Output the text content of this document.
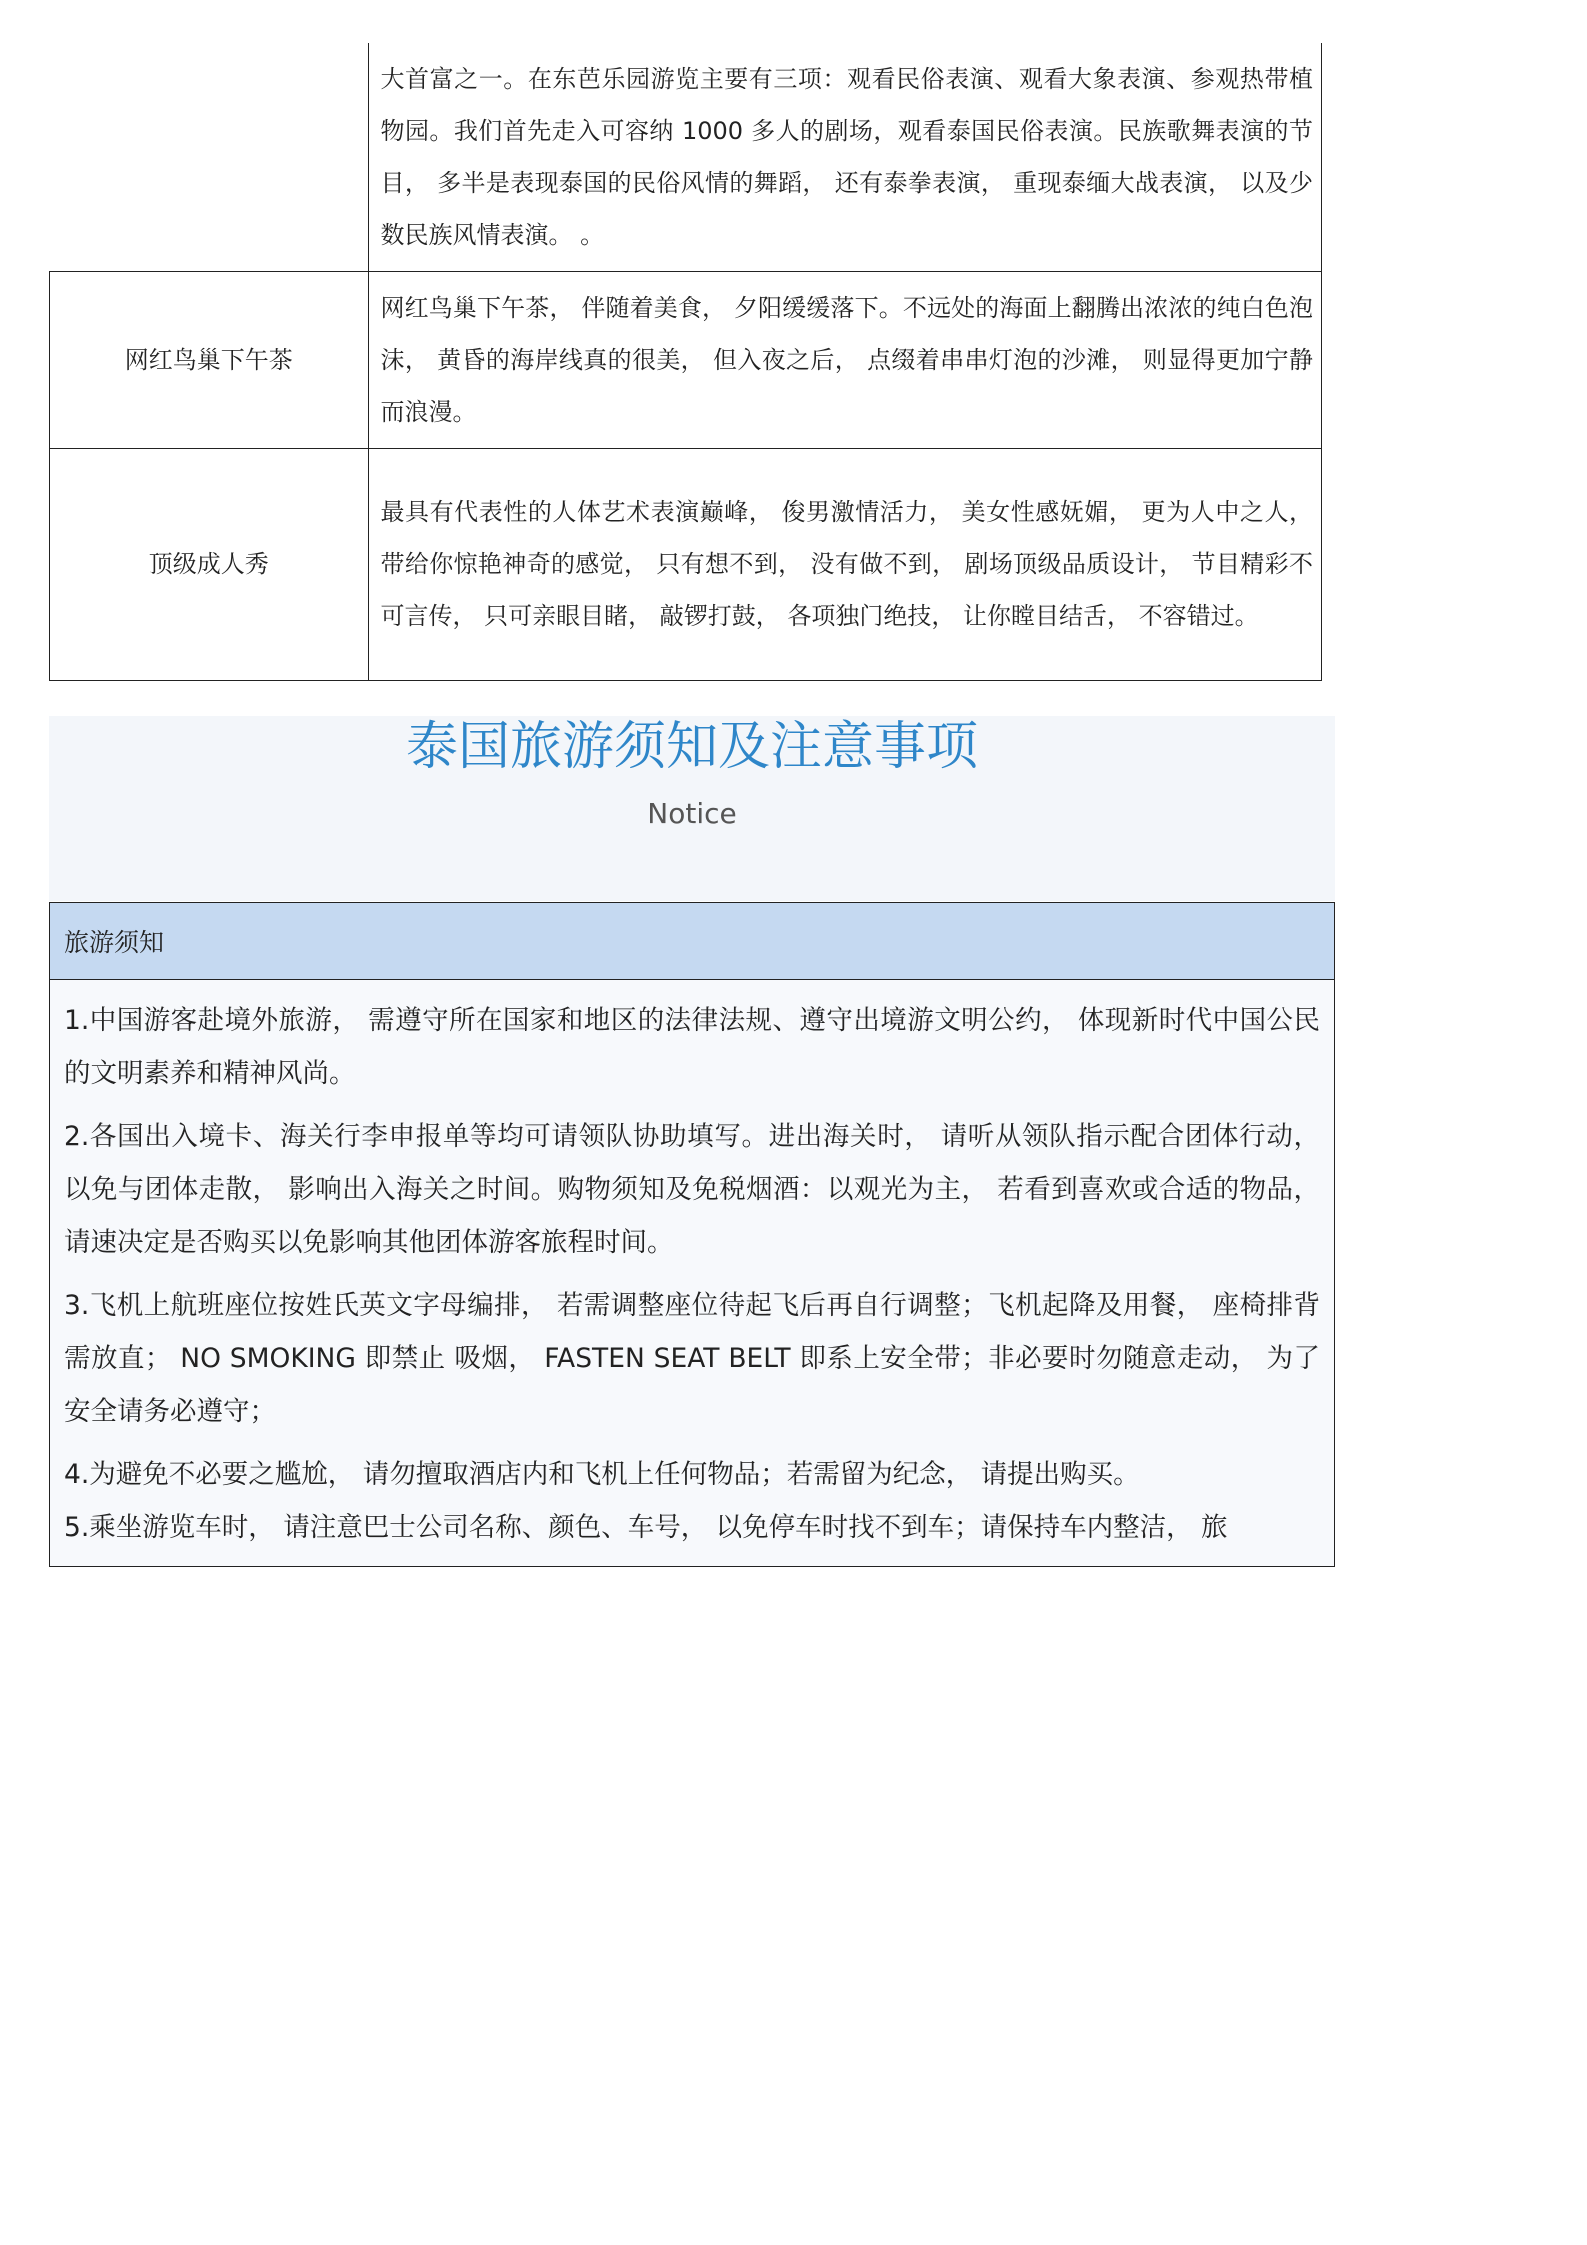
	大首富之一。在东芭乐园游览主要有三项：观看民俗表演、观看大象表演、参观热带植物园。我们首先走入可容纳 1000 多人的剧场，观看泰国民俗表演。民族歌舞表演的节目， 多半是表现泰国的民俗风情的舞蹈， 还有泰拳表演， 重现泰缅大战表演， 以及少数民族风情表演。 。
网红鸟巢下午茶	网红鸟巢下午茶， 伴随着美食， 夕阳缓缓落下。不远处的海面上翻腾出浓浓的纯白色泡沫， 黄昏的海岸线真的很美， 但入夜之后， 点缀着串串灯泡的沙滩， 则显得更加宁静而浪漫。
顶级成人秀	最具有代表性的人体艺术表演巅峰， 俊男激情活力， 美女性感妩媚， 更为人中之人， 带给你惊艳神奇的感觉， 只有想不到， 没有做不到， 剧场顶级品质设计， 节目精彩不可言传， 只可亲眼目睹， 敲锣打鼓， 各项独门绝技， 让你瞠目结舌， 不容错过。
泰国旅游须知及注意事项
Notice
旅游须知

1.中国游客赴境外旅游， 需遵守所在国家和地区的法律法规、遵守出境游文明公约， 体现新时代中国公民的文明素养和精神风尚。

2.各国出入境卡、海关行李申报单等均可请领队协助填写。进出海关时， 请听从领队指示配合团体行动， 以免与团体走散， 影响出入海关之时间。购物须知及免税烟酒：以观光为主， 若看到喜欢或合适的物品， 请速决定是否购买以免影响其他团体游客旅程时间。

3.飞机上航班座位按姓氏英文字母编排， 若需调整座位待起飞后再自行调整；飞机起降及用餐， 座椅排背需放直； NO SMOKING 即禁止 吸烟， FASTEN SEAT BELT 即系上安全带；非必要时勿随意走动， 为了安全请务必遵守；

4.为避免不必要之尴尬， 请勿擅取酒店内和飞机上任何物品；若需留为纪念， 请提出购买。

5.乘坐游览车时， 请注意巴士公司名称、颜色、车号， 以免停车时找不到车；请保持车内整洁， 旅
